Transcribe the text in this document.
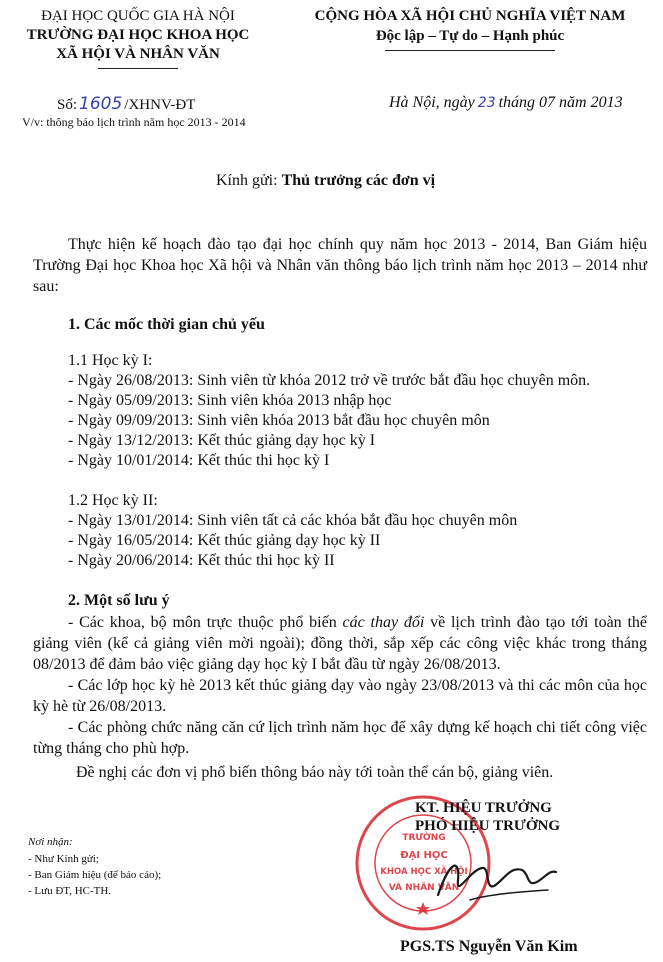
ĐẠI HỌC QUỐC GIA HÀ NỘI
TRƯỜNG ĐẠI HỌC KHOA HỌC
XÃ HỘI VÀ NHÂN VĂN
CỘNG HÒA XÃ HỘI CHỦ NGHĨA VIỆT NAM
Độc lập – Tự do – Hạnh phúc
Số: 1605 /XHNV-ĐT
V/v: thông báo lịch trình năm học 2013 - 2014
Hà Nội, ngày 23 tháng 07 năm 2013
Kính gửi: Thủ trưởng các đơn vị
Thực hiện kế hoạch đào tạo đại học chính quy năm học 2013 - 2014, Ban Giám hiệu Trường Đại học Khoa học Xã hội và Nhân văn thông báo lịch trình năm học 2013 – 2014 như sau:
1. Các mốc thời gian chủ yếu
1.1 Học kỳ I:
- Ngày 26/08/2013: Sinh viên từ khóa 2012 trở về trước bắt đầu học chuyên môn.
- Ngày 05/09/2013: Sinh viên khóa 2013 nhập học
- Ngày 09/09/2013: Sinh viên khóa 2013 bắt đầu học chuyên môn
- Ngày 13/12/2013: Kết thúc giảng dạy học kỳ I
- Ngày 10/01/2014: Kết thúc thi học kỳ I
1.2 Học kỳ II:
- Ngày 13/01/2014: Sinh viên tất cả các khóa bắt đầu học chuyên môn
- Ngày 16/05/2014: Kết thúc giảng dạy học kỳ II
- Ngày 20/06/2014: Kết thúc thi học kỳ II
2. Một số lưu ý
- Các khoa, bộ môn trực thuộc phổ biến các thay đổi về lịch trình đào tạo tới toàn thể giảng viên (kể cả giảng viên mời ngoài); đồng thời, sắp xếp các công việc khác trong tháng 08/2013 để đảm bảo việc giảng dạy học kỳ I bắt đầu từ ngày 26/08/2013.
- Các lớp học kỳ hè 2013 kết thúc giảng dạy vào ngày 23/08/2013 và thi các môn của học kỳ hè từ 26/08/2013.
- Các phòng chức năng căn cứ lịch trình năm học để xây dựng kế hoạch chi tiết công việc từng tháng cho phù hợp.
Đề nghị các đơn vị phổ biến thông báo này tới toàn thể cán bộ, giảng viên.
Nơi nhận:
- Như Kính gửi;
- Ban Giám hiệu (để báo cáo);
- Lưu ĐT, HC-TH.
TRƯỜNG
ĐẠI HỌC
KHOA HỌC XÃ HỘI
VÀ NHÂN VĂN
KT. HIỆU TRƯỞNG
PHÓ HIỆU TRƯỞNG
PGS.TS Nguyễn Văn Kim
